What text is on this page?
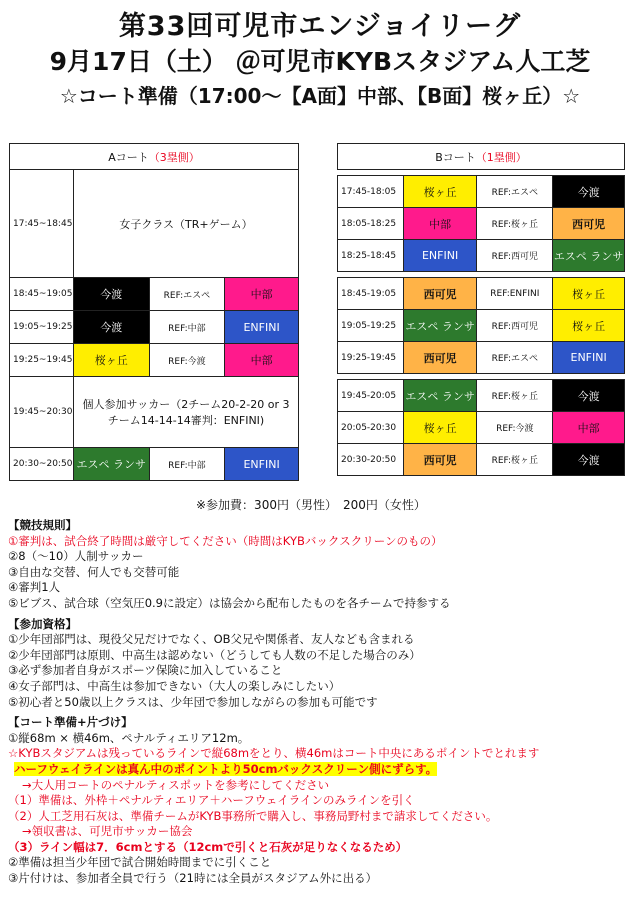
第33回可児市エンジョイリーグ
9月17日（土） ＠可児市KYBスタジアム人工芝
☆コート準備（17:00～【A面】中部、【B面】桜ヶ丘）☆
Aコート（3塁側）			
17:45~18:45	女子クラス（TR+ゲーム）		
18:45~19:05	今渡	REF:エスペ	中部
19:05~19:25	今渡	REF:中部	ENFINI
19:25~19:45	桜ヶ丘	REF:今渡	中部
19:45~20:30	個人参加サッカー（2チーム20-2-20 or 3チーム14-14-14審判：ENFINI)		
20:30~20:50	エスペ ランサ	REF:中部	ENFINI
Bコート（1塁側）			

17:45-18:05	桜ヶ丘	REF:エスペ	今渡
18:05-18:25	中部	REF:桜ヶ丘	西可児
18:25-18:45	ENFINI	REF:西可児	エスペ ランサ

18:45-19:05	西可児	REF:ENFINI	桜ヶ丘
19:05-19:25	エスペ ランサ	REF:西可児	桜ヶ丘
19:25-19:45	西可児	REF:エスペ	ENFINI

19:45-20:05	エスペ ランサ	REF:桜ヶ丘	今渡
20:05-20:30	桜ヶ丘	REF:今渡	中部
20:30-20:50	西可児	REF:桜ヶ丘	今渡
※参加費：300円（男性）　200円（女性）
【競技規則】
①審判は、試合終了時間は厳守してください（時間はKYBバックスクリーンのもの）
②8（～10）人制サッカー
③自由な交替、何人でも交替可能
④審判1人
⑤ビブス、試合球（空気圧0.9に設定）は協会から配布したものを各チームで持参する
【参加資格】
①少年団部門は、現役父兄だけでなく、OB父兄や関係者、友人なども含まれる
②少年団部門は原則、中高生は認めない（どうしても人数の不足した場合のみ）
③必ず参加者自身がスポーツ保険に加入していること
④女子部門は、中高生は参加できない（大人の楽しみにしたい）
⑤初心者と50歳以上クラスは、少年団で参加しながらの参加も可能です
【コート準備+片づけ】
①縦68m × 横46m、ペナルティエリア12m。
☆KYBスタジアムは残っているラインで縦68mをとり、横46mはコート中央にあるポイントでとれます
ハーフウェイラインは真ん中のポイントより50cmバックスクリーン側にずらす。
→大人用コートのペナルティスポットを参考にしてください
（1）準備は、外枠＋ペナルティエリア＋ハーフウェイラインのみラインを引く
（2）人工芝用石灰は、準備チームがKYB事務所で購入し、事務局野村まで請求してください。
→領収書は、可児市サッカー協会
（3）ライン幅は7．6cmとする（12cmで引くと石灰が足りなくなるため）
②準備は担当少年団で試合開始時間までに引くこと
③片付けは、参加者全員で行う（21時には全員がスタジアム外に出る）
